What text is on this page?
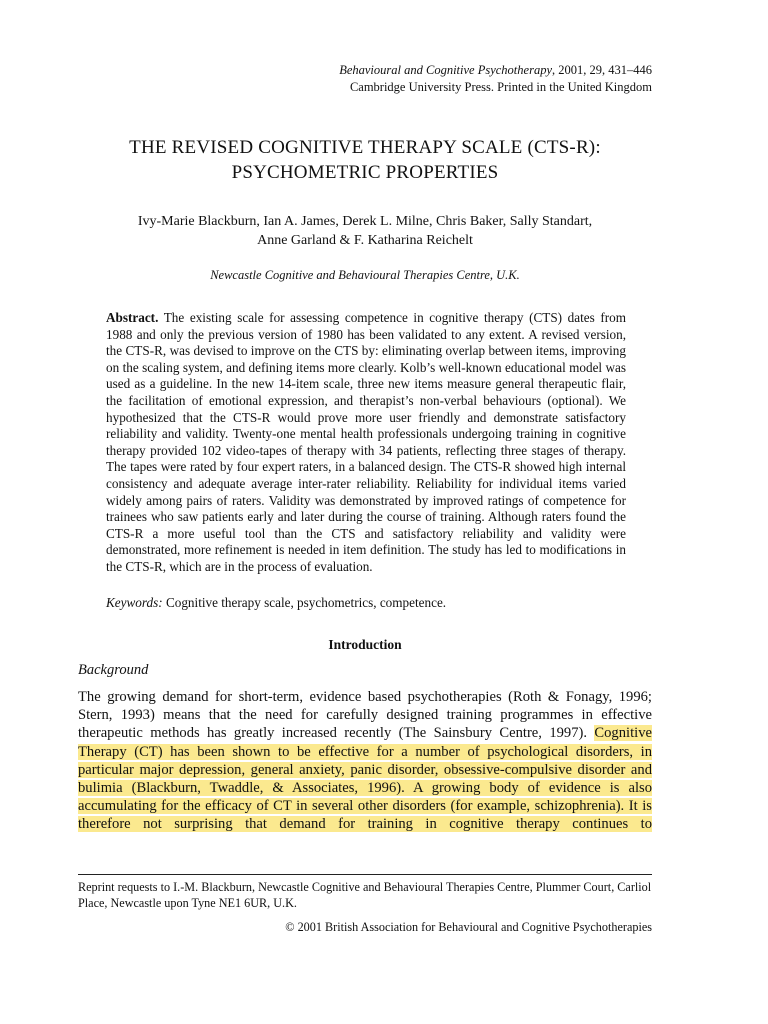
Behavioural and Cognitive Psychotherapy, 2001, 29, 431–446
Cambridge University Press. Printed in the United Kingdom
THE REVISED COGNITIVE THERAPY SCALE (CTS-R):
PSYCHOMETRIC PROPERTIES
Ivy-Marie Blackburn, Ian A. James, Derek L. Milne, Chris Baker, Sally Standart,
Anne Garland & F. Katharina Reichelt
Newcastle Cognitive and Behavioural Therapies Centre, U.K.
Abstract. The existing scale for assessing competence in cognitive therapy (CTS) dates from 1988 and only the previous version of 1980 has been validated to any extent. A revised version, the CTS-R, was devised to improve on the CTS by: eliminating overlap between items, improving on the scaling system, and defining items more clearly. Kolb’s well-known educational model was used as a guideline. In the new 14-item scale, three new items measure general therapeutic flair, the facilitation of emotional expression, and therapist’s non-verbal behaviours (optional). We hypothesized that the CTS-R would prove more user friendly and demonstrate satisfactory reliability and validity. Twenty-one mental health professionals undergoing training in cognitive therapy provided 102 video-tapes of therapy with 34 patients, reflecting three stages of therapy. The tapes were rated by four expert raters, in a balanced design. The CTS-R showed high internal consistency and adequate average inter-rater reliability. Reliability for individual items varied widely among pairs of raters. Validity was demonstrated by improved ratings of competence for trainees who saw patients early and later during the course of training. Although raters found the CTS-R a more useful tool than the CTS and satisfactory reliability and validity were demonstrated, more refinement is needed in item definition. The study has led to modifications in the CTS-R, which are in the process of evaluation.
Keywords: Cognitive therapy scale, psychometrics, competence.
Introduction
Background
The growing demand for short-term, evidence based psychotherapies (Roth & Fonagy, 1996; Stern, 1993) means that the need for carefully designed training programmes in effective therapeutic methods has greatly increased recently (The Sainsbury Centre, 1997). Cognitive Therapy (CT) has been shown to be effective for a number of psychological disorders, in particular major depression, general anxiety, panic disorder, obsessive-compulsive disorder and bulimia (Blackburn, Twaddle, & Associates, 1996). A growing body of evidence is also accumulating for the efficacy of CT in several other disorders (for example, schizophrenia). It is therefore not surprising that demand for training in cognitive therapy continues to
Reprint requests to I.-M. Blackburn, Newcastle Cognitive and Behavioural Therapies Centre, Plummer Court, Carliol Place, Newcastle upon Tyne NE1 6UR, U.K.
© 2001 British Association for Behavioural and Cognitive Psychotherapies
